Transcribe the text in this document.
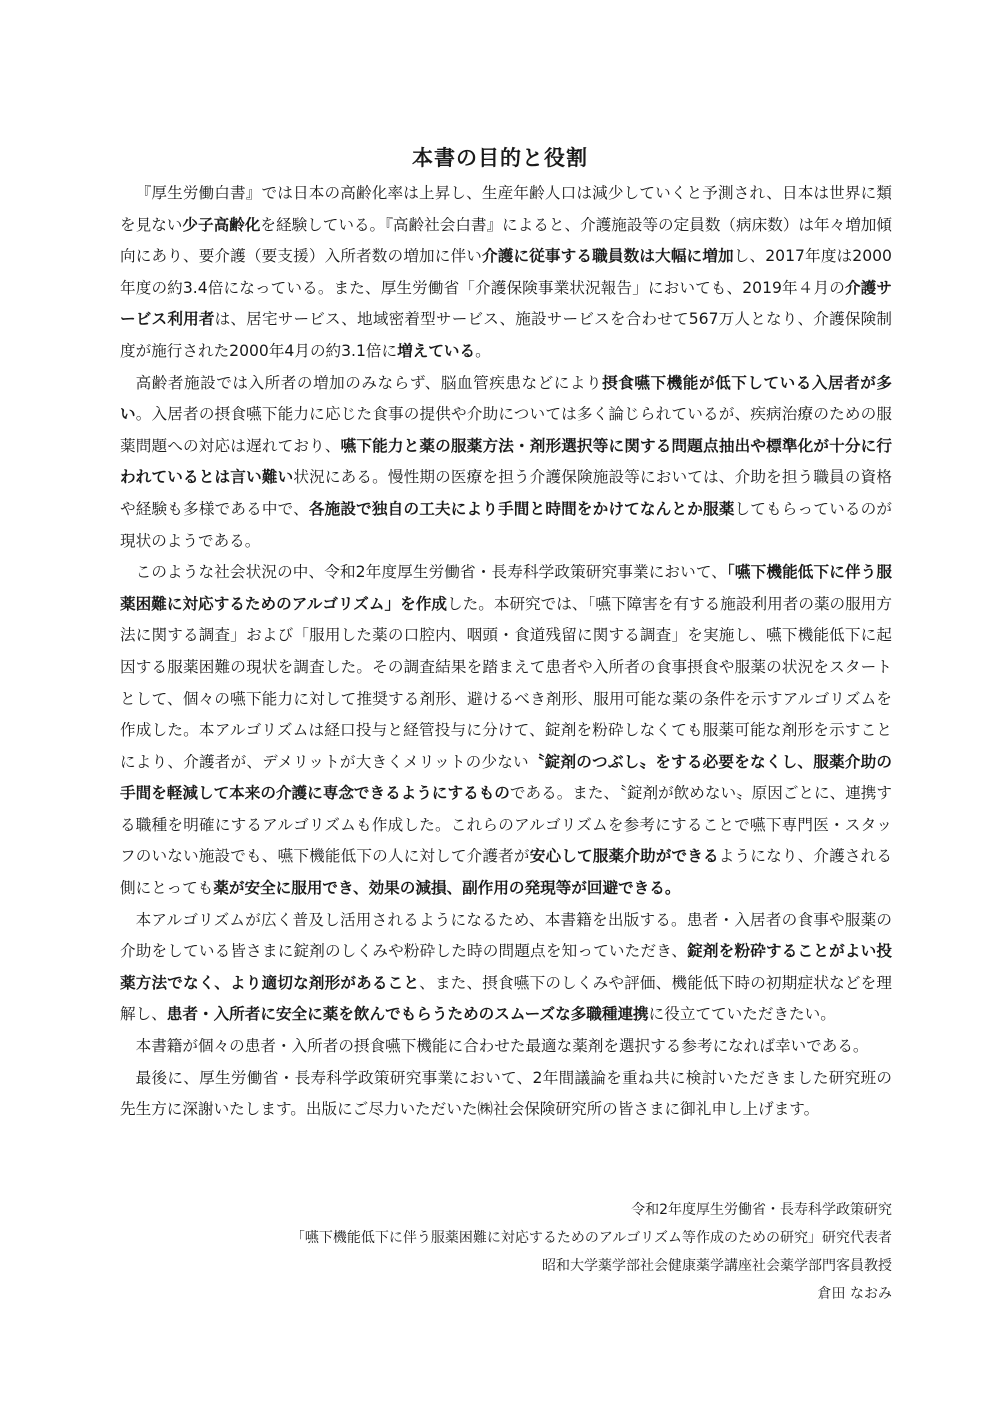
本書の目的と役割

『厚生労働白書』では日本の高齢化率は上昇し、生産年齢人口は減少していくと予測され、日本は世界に類を見ない少子高齢化を経験している。『高齢社会白書』によると、介護施設等の定員数（病床数）は年々増加傾向にあり、要介護（要支援）入所者数の増加に伴い介護に従事する職員数は大幅に増加し、2017年度は2000年度の約3.4倍になっている。また、厚生労働省「介護保険事業状況報告」においても、2019年４月の介護サービス利用者は、居宅サービス、地域密着型サービス、施設サービスを合わせて567万人となり、介護保険制度が施行された2000年4月の約3.1倍に増えている。

高齢者施設では入所者の増加のみならず、脳血管疾患などにより摂食嚥下機能が低下している入居者が多い。入居者の摂食嚥下能力に応じた食事の提供や介助については多く論じられているが、疾病治療のための服薬問題への対応は遅れており、嚥下能力と薬の服薬方法・剤形選択等に関する問題点抽出や標準化が十分に行われているとは言い難い状況にある。慢性期の医療を担う介護保険施設等においては、介助を担う職員の資格や経験も多様である中で、各施設で独自の工夫により手間と時間をかけてなんとか服薬してもらっているのが現状のようである。

このような社会状況の中、令和2年度厚生労働省・長寿科学政策研究事業において、「嚥下機能低下に伴う服薬困難に対応するためのアルゴリズム」を作成した。本研究では、「嚥下障害を有する施設利用者の薬の服用方法に関する調査」および「服用した薬の口腔内、咽頭・食道残留に関する調査」を実施し、嚥下機能低下に起因する服薬困難の現状を調査した。その調査結果を踏まえて患者や入所者の食事摂食や服薬の状況をスタートとして、個々の嚥下能力に対して推奨する剤形、避けるべき剤形、服用可能な薬の条件を示すアルゴリズムを作成した。本アルゴリズムは経口投与と経管投与に分けて、錠剤を粉砕しなくても服薬可能な剤形を示すことにより、介護者が、デメリットが大きくメリットの少ない〝錠剤のつぶし〟をする必要をなくし、服薬介助の手間を軽減して本来の介護に専念できるようにするものである。また、〝錠剤が飲めない〟原因ごとに、連携する職種を明確にするアルゴリズムも作成した。これらのアルゴリズムを参考にすることで嚥下専門医・スタッフのいない施設でも、嚥下機能低下の人に対して介護者が安心して服薬介助ができるようになり、介護される側にとっても薬が安全に服用でき、効果の減損、副作用の発現等が回避できる。

本アルゴリズムが広く普及し活用されるようになるため、本書籍を出版する。患者・入居者の食事や服薬の介助をしている皆さまに錠剤のしくみや粉砕した時の問題点を知っていただき、錠剤を粉砕することがよい投薬方法でなく、より適切な剤形があること、また、摂食嚥下のしくみや評価、機能低下時の初期症状などを理解し、患者・入所者に安全に薬を飲んでもらうためのスムーズな多職種連携に役立てていただきたい。

本書籍が個々の患者・入所者の摂食嚥下機能に合わせた最適な薬剤を選択する参考になれば幸いである。

最後に、厚生労働省・長寿科学政策研究事業において、2年間議論を重ね共に検討いただきました研究班の先生方に深謝いたします。出版にご尽力いただいた㈱社会保険研究所の皆さまに御礼申し上げます。

令和2年度厚生労働省・長寿科学政策研究
「嚥下機能低下に伴う服薬困難に対応するためのアルゴリズム等作成のための研究」研究代表者
昭和大学薬学部社会健康薬学講座社会薬学部門客員教授
倉田 なおみ
